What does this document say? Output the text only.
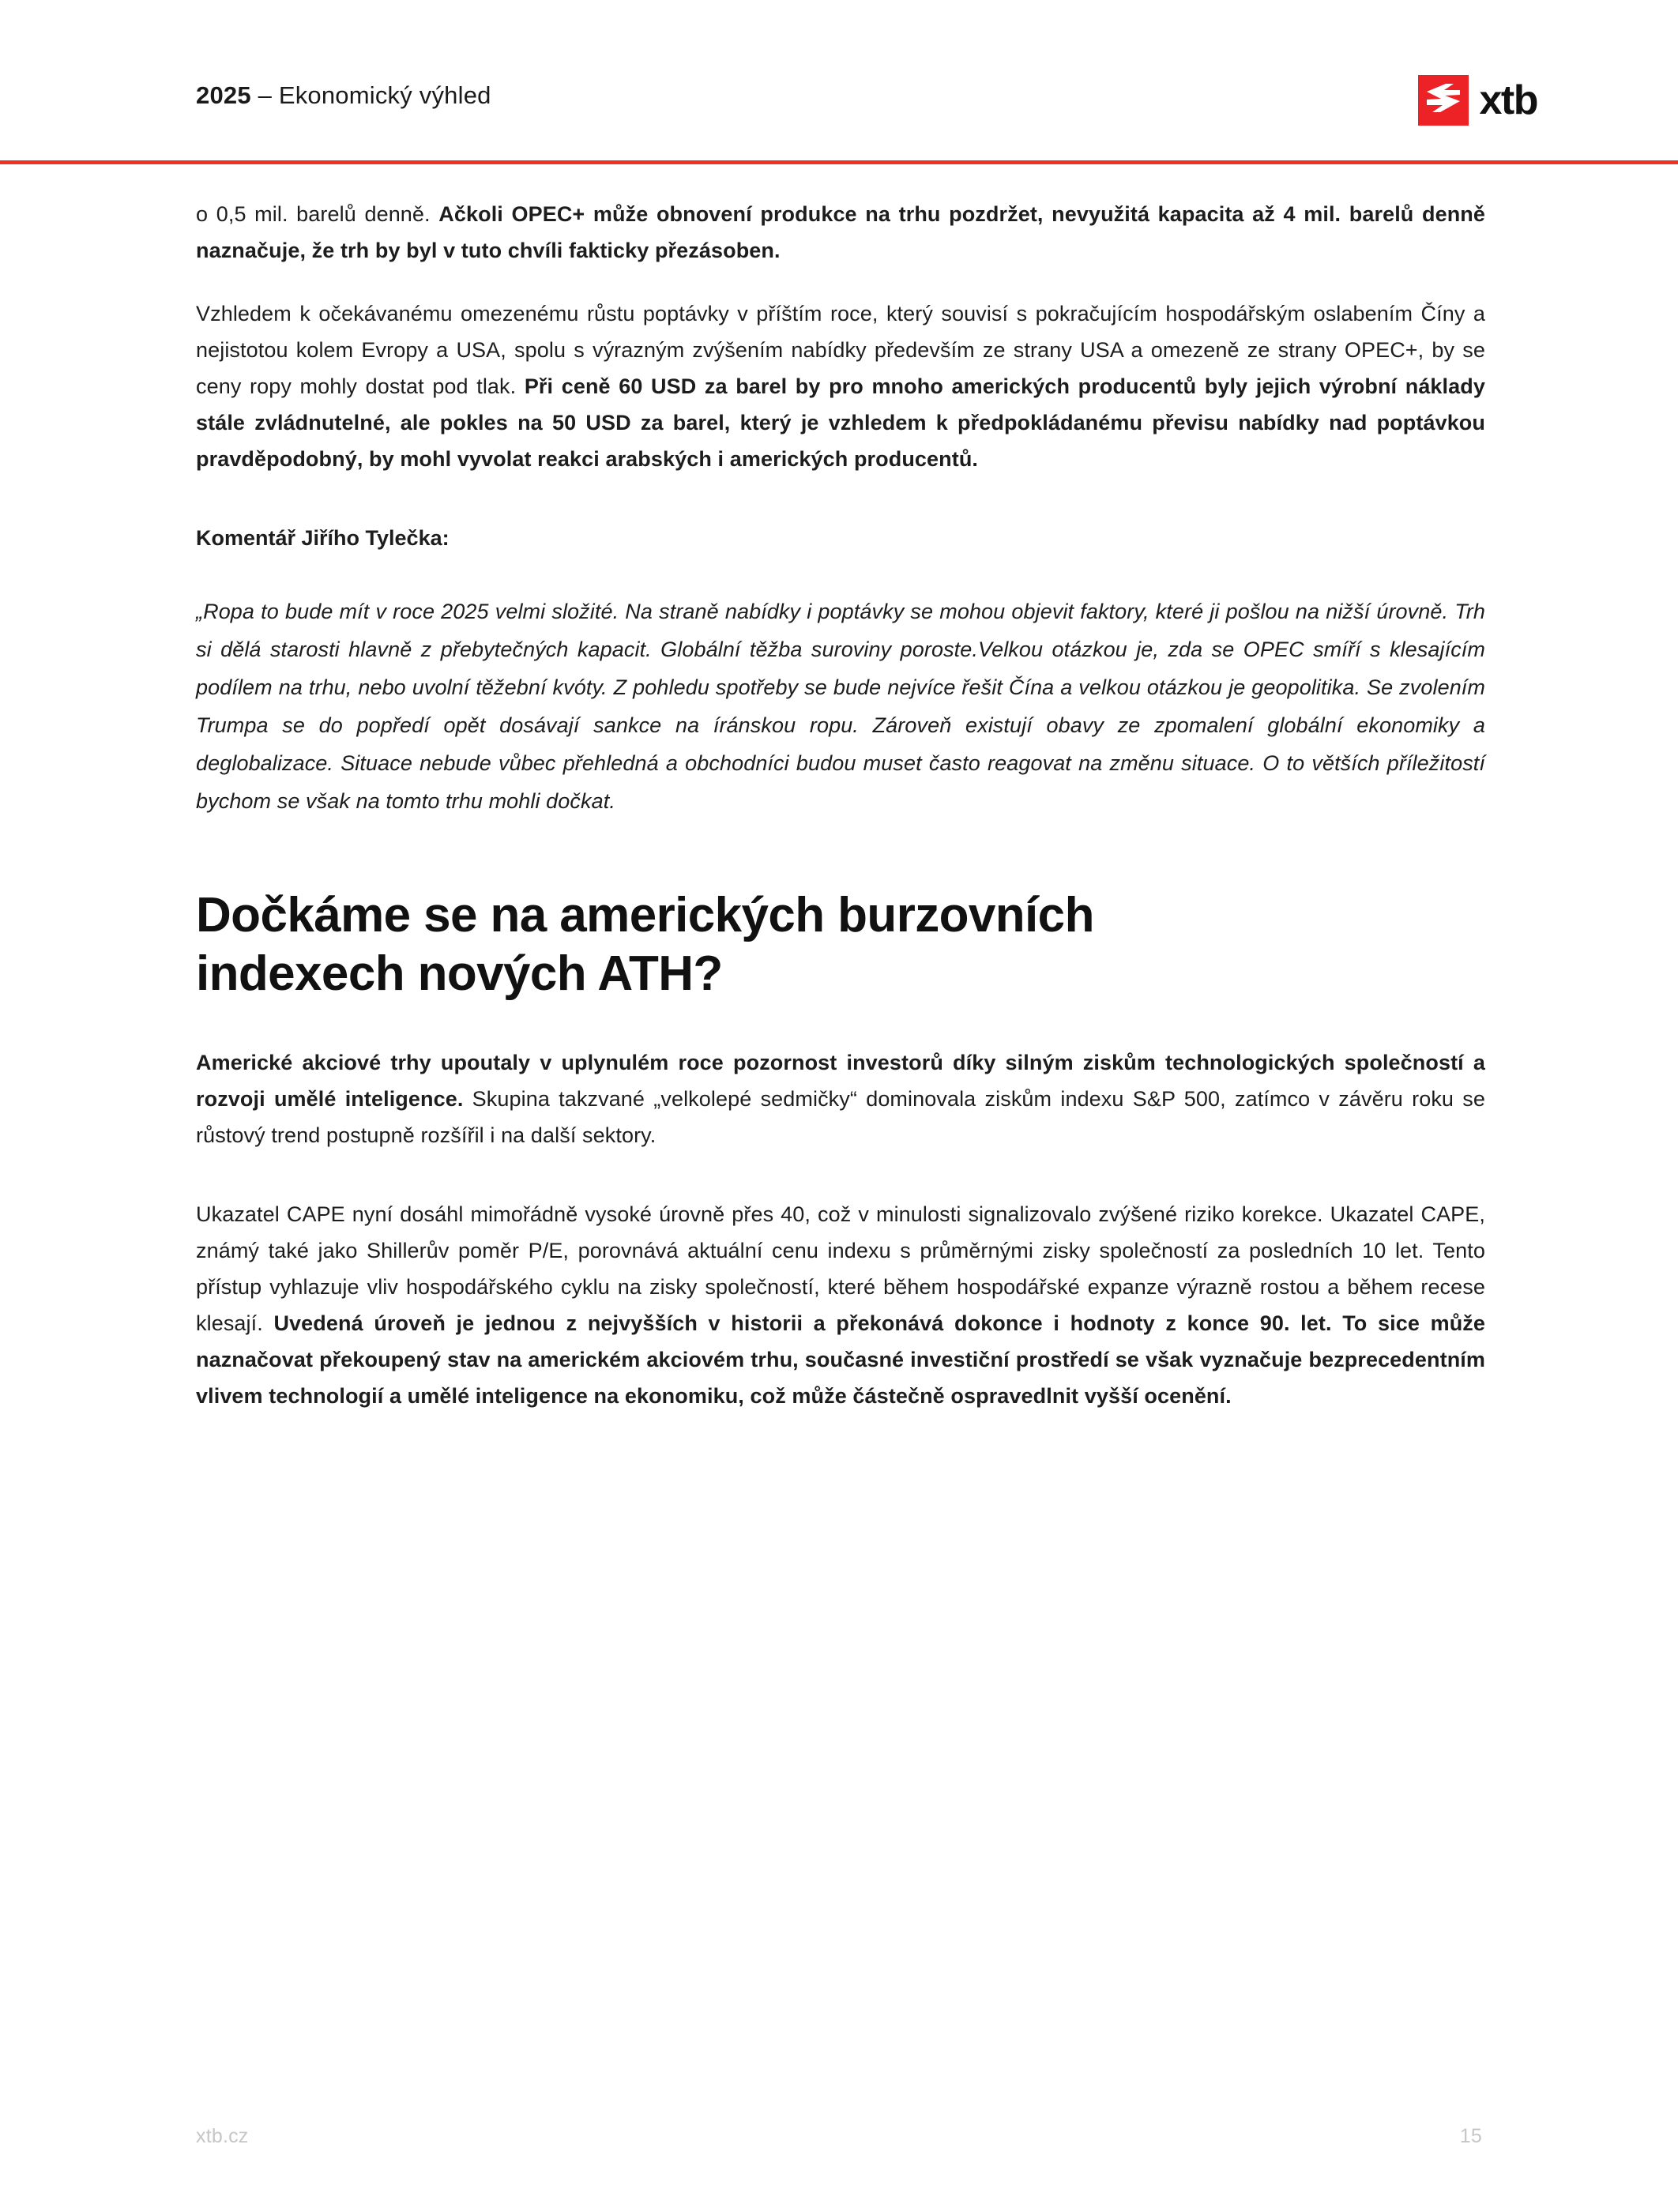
2025 – Ekonomický výhled	xtb

o 0,5 mil. barelů denně. Ačkoli OPEC+ může obnovení produkce na trhu pozdržet, nevyužitá kapacita až 4 mil. barelů denně naznačuje, že trh by byl v tuto chvíli fakticky přezásoben.

Vzhledem k očekávanému omezenému růstu poptávky v příštím roce, který souvisí s pokračujícím hospodářským oslabením Číny a nejistotou kolem Evropy a USA, spolu s výrazným zvýšením nabídky především ze strany USA a omezeně ze strany OPEC+, by se ceny ropy mohly dostat pod tlak. Při ceně 60 USD za barel by pro mnoho amerických producentů byly jejich výrobní náklady stále zvládnutelné, ale pokles na 50 USD za barel, který je vzhledem k předpokládanému převisu nabídky nad poptávkou pravděpodobný, by mohl vyvolat reakci arabských i amerických producentů.

Komentář Jiřího Tylečka:

„Ropa to bude mít v roce 2025 velmi složité. Na straně nabídky i poptávky se mohou objevit faktory, které ji pošlou na nižší úrovně. Trh si dělá starosti hlavně z přebytečných kapacit. Globální těžba suroviny poroste.Velkou otázkou je, zda se OPEC smíří s klesajícím podílem na trhu, nebo uvolní těžební kvóty. Z pohledu spotřeby se bude nejvíce řešit Čína a velkou otázkou je geopolitika. Se zvolením Trumpa se do popředí opět dosávají sankce na íránskou ropu. Zároveň existují obavy ze zpomalení globální ekonomiky a deglobalizace. Situace nebude vůbec přehledná a obchodníci budou muset často reagovat na změnu situace. O to větších příležitostí bychom se však na tomto trhu mohli dočkat.

Dočkáme se na amerických burzovních indexech nových ATH?

Americké akciové trhy upoutaly v uplynulém roce pozornost investorů díky silným ziskům technologických společností a rozvoji umělé inteligence. Skupina takzvané „velkolepé sedmičky“ dominovala ziskům indexu S&P 500, zatímco v závěru roku se růstový trend postupně rozšířil i na další sektory.

Ukazatel CAPE nyní dosáhl mimořádně vysoké úrovně přes 40, což v minulosti signalizovalo zvýšené riziko korekce. Ukazatel CAPE, známý také jako Shillerův poměr P/E, porovnává aktuální cenu indexu s průměrnými zisky společností za posledních 10 let. Tento přístup vyhlazuje vliv hospodářského cyklu na zisky společností, které během hospodářské expanze výrazně rostou a během recese klesají. Uvedená úroveň je jednou z nejvyšších v historii a překonává dokonce i hodnoty z konce 90. let. To sice může naznačovat překoupený stav na americkém akciovém trhu, současné investiční prostředí se však vyznačuje bezprecedentním vlivem technologií a umělé inteligence na ekonomiku, což může částečně ospravedlnit vyšší ocenění.

xtb.cz	15
